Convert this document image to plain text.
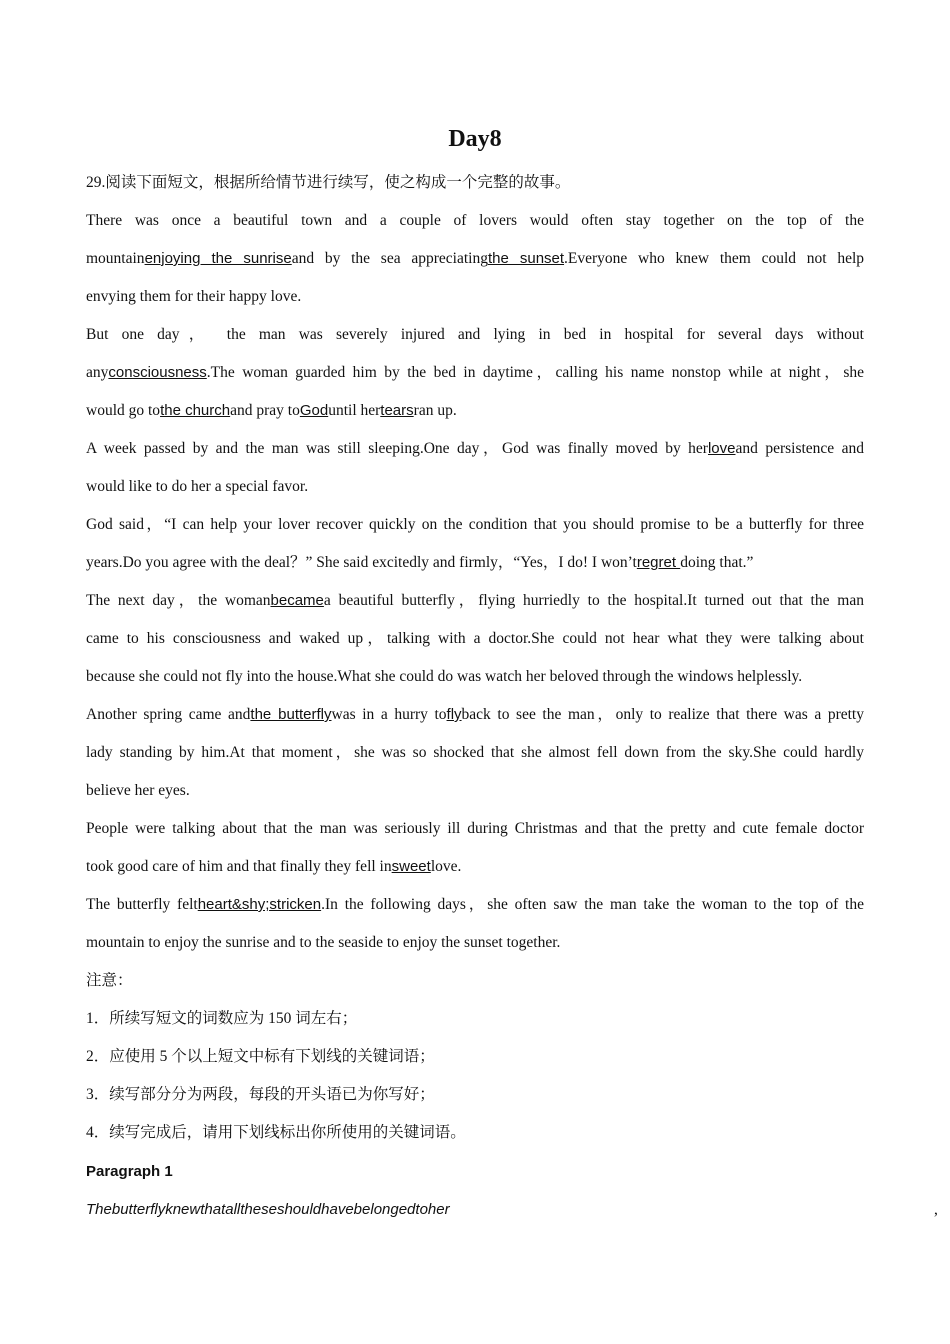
Day8
29.阅读下面短文，根据所给情节进行续写，使之构成一个完整的故事。
There was once a beautiful town and a couple of lovers would often stay together on the top of the
mountainenjoying the sunriseand by the sea appreciatingthe sunset.Everyone who knew them could not help
envying them for their happy love.
But one day， the man was severely injured and lying in bed in hospital for several days without
anyconsciousness.The woman guarded him by the bed in daytime，calling his name nonstop while at night，she
would go tothe churchand pray toGoduntil hertearsran up.
A week passed by and the man was still sleeping.One day，God was finally moved by herloveand persistence and
would like to do her a special favor.
God said，“I can help your lover recover quickly on the condition that you should promise to be a butterfly for three
years.Do you agree with the deal？” She said excitedly and firmly，“Yes，I do! I won’tregret doing that.”
The next day，the womanbecamea beautiful butterfly，flying hurriedly to the hospital.It turned out that the man
came to his consciousness and waked up，talking with a doctor.She could not hear what they were talking about
because she could not fly into the house.What she could do was watch her beloved through the windows helplessly.
Another spring came andthe butterflywas in a hurry toflyback to see the man，only to realize that there was a pretty
lady standing by him.At that moment，she was so shocked that she almost fell down from the sky.She could hardly
believe her eyes.
People were talking about that the man was seriously ill during Christmas and that the pretty and cute female doctor
took good care of him and that finally they fell insweetlove.
The butterfly feltheart&shy;stricken.In the following days，she often saw the man take the woman to the top of the
mountain to enjoy the sunrise and to the seaside to enjoy the sunset together.
注意：
1．所续写短文的词数应为 150 词左右；
2．应使用 5 个以上短文中标有下划线的关键词语；
3．续写部分分为两段，每段的开头语已为你写好；
4．续写完成后，请用下划线标出你所使用的关键词语。
Paragraph 1
Thebutterflyknewthatalltheseshouldhavebelongedtoher	,
